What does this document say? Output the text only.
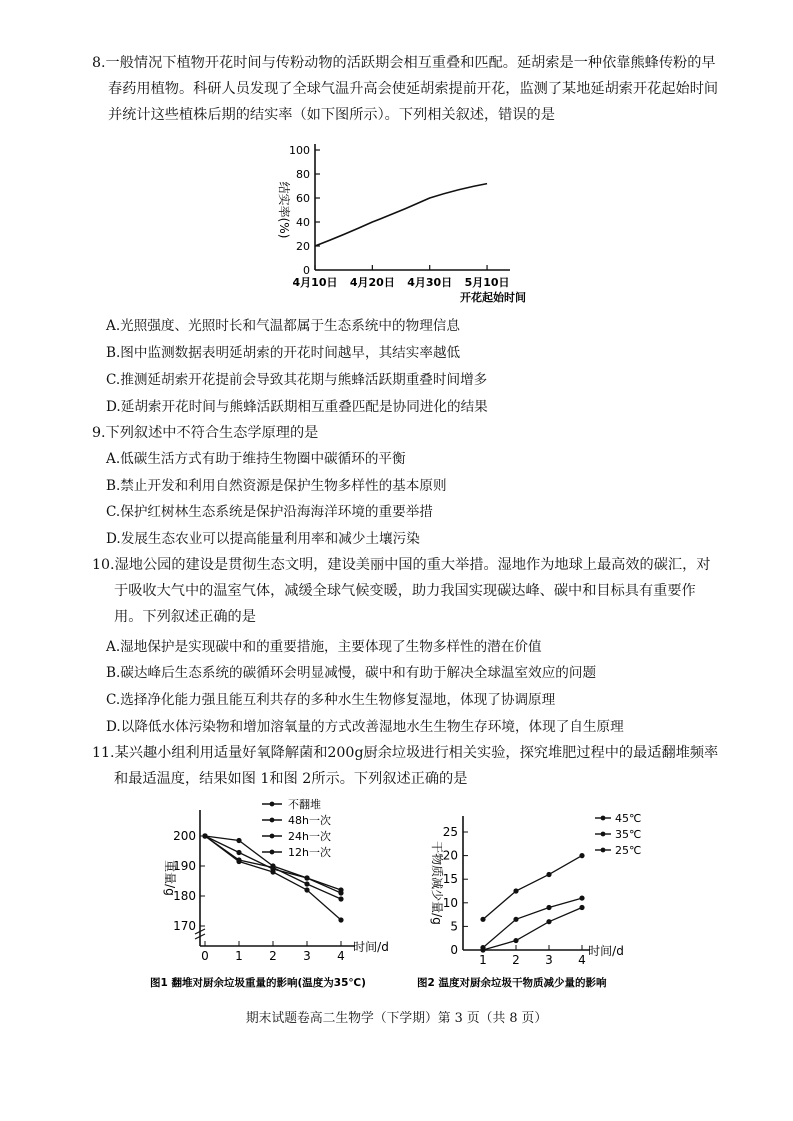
8.一般情况下植物开花时间与传粉动物的活跃期会相互重叠和匹配。延胡索是一种依靠熊蜂传粉的早春药用植物。科研人员发现了全球气温升高会使延胡索提前开花，监测了某地延胡索开花起始时间并统计这些植株后期的结实率（如下图所示）。下列相关叙述，错误的是
0
20
40
60
80
100
4月10日 4月20日 4月30日 5月10日
开花起始时间
结实率(%)
A.光照强度、光照时长和气温都属于生态系统中的物理信息
B.图中监测数据表明延胡索的开花时间越早，其结实率越低
C.推测延胡索开花提前会导致其花期与熊蜂活跃期重叠时间增多
D.延胡索开花时间与熊蜂活跃期相互重叠匹配是协同进化的结果
9.下列叙述中不符合生态学原理的是
A.低碳生活方式有助于维持生物圈中碳循环的平衡
B.禁止开发和利用自然资源是保护生物多样性的基本原则
C.保护红树林生态系统是保护沿海海洋环境的重要举措
D.发展生态农业可以提高能量利用率和减少土壤污染
10.湿地公园的建设是贯彻生态文明，建设美丽中国的重大举措。湿地作为地球上最高效的碳汇，对于吸收大气中的温室气体，减缓全球气候变暖，助力我国实现碳达峰、碳中和目标具有重要作用。下列叙述正确的是
A.湿地保护是实现碳中和的重要措施，主要体现了生物多样性的潜在价值
B.碳达峰后生态系统的碳循环会明显减慢，碳中和有助于解决全球温室效应的问题
C.选择净化能力强且能互利共存的多种水生生物修复湿地，体现了协调原理
D.以降低水体污染物和增加溶氧量的方式改善湿地水生生物生存环境，体现了自生原理
11.某兴趣小组利用适量好氧降解菌和200g厨余垃圾进行相关实验，探究堆肥过程中的最适翻堆频率和最适温度，结果如图 1和图 2所示。下列叙述正确的是
170
180
190
200
0 1 2 3 4
时间/d
重量/g
不翻堆
48h一次
24h一次
12h一次
图1 翻堆对厨余垃圾重量的影响(温度为35℃)
0
5
10
15
20
25
1 2 3 4
时间/d
干物质减少量/g
45℃
35℃
25℃
图2 温度对厨余垃圾干物质减少量的影响
期末试题卷高二生物学（下学期）第 3 页（共 8 页）
